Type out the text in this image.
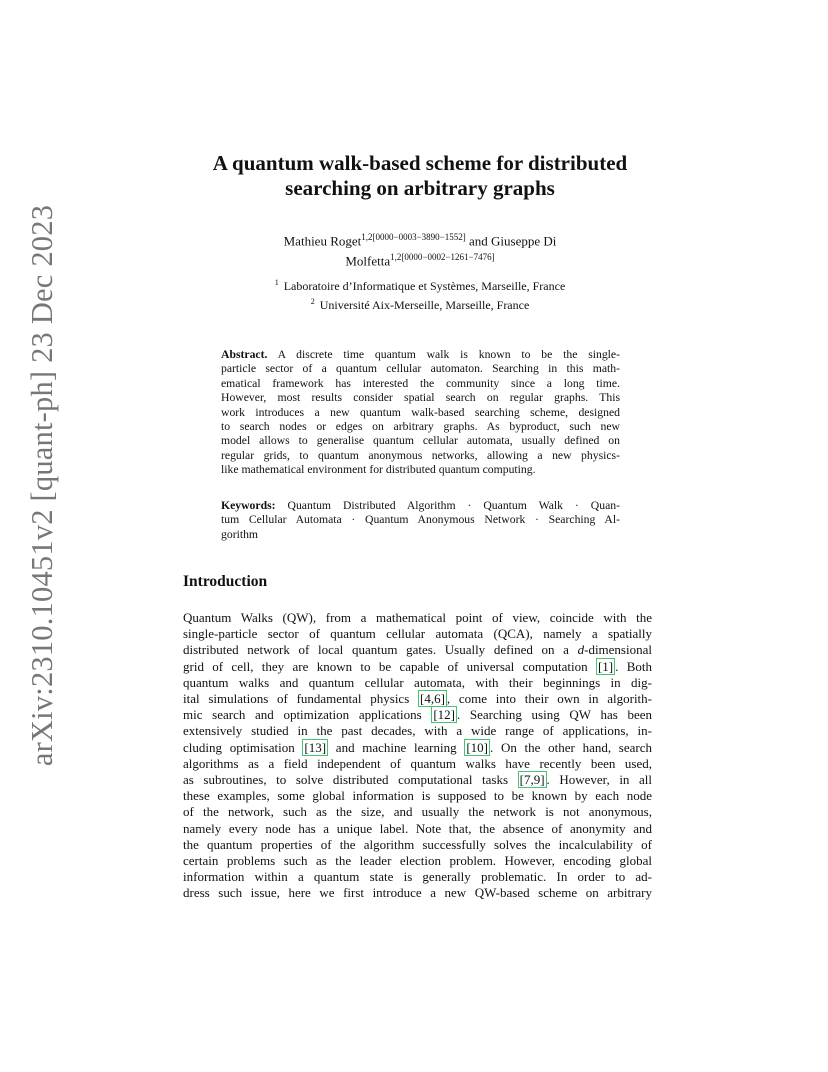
arXiv:2310.10451v2 [quant-ph] 23 Dec 2023
A quantum walk-based scheme for distributed
searching on arbitrary graphs
Mathieu Roget$^{1,2[0000-0003-3890-1552]}$ and Giuseppe Di
Molfetta$^{1,2[0000-0002-1261-7476]}$
$^1$ Laboratoire d’Informatique et Systèmes, Marseille, France
$^2$ Université Aix-Merseille, Marseille, France
Abstract. A discrete time quantum walk is known to be the single-
particle sector of a quantum cellular automaton. Searching in this math-
ematical framework has interested the community since a long time.
However, most results consider spatial search on regular graphs. This
work introduces a new quantum walk-based searching scheme, designed
to search nodes or edges on arbitrary graphs. As byproduct, such new
model allows to generalise quantum cellular automata, usually defined on
regular grids, to quantum anonymous networks, allowing a new physics-
like mathematical environment for distributed quantum computing.
Keywords: Quantum Distributed Algorithm · Quantum Walk · Quan-
tum Cellular Automata · Quantum Anonymous Network · Searching Al-
gorithm
Introduction
Quantum Walks (QW), from a mathematical point of view, coincide with the
single-particle sector of quantum cellular automata (QCA), namely a spatially
distributed network of local quantum gates. Usually defined on a d-dimensional
grid of cell, they are known to be capable of universal computation [1] . Both
quantum walks and quantum cellular automata, with their beginnings in dig-
ital simulations of fundamental physics [4,6] , come into their own in algorith-
mic search and optimization applications [12] . Searching using QW has been
extensively studied in the past decades, with a wide range of applications, in-
cluding optimisation [13] and machine learning [10] . On the other hand, search
algorithms as a field independent of quantum walks have recently been used,
as subroutines, to solve distributed computational tasks [7,9] . However, in all
these examples, some global information is supposed to be known by each node
of the network, such as the size, and usually the network is not anonymous,
namely every node has a unique label. Note that, the absence of anonymity and
the quantum properties of the algorithm successfully solves the incalculability of
certain problems such as the leader election problem. However, encoding global
information within a quantum state is generally problematic. In order to ad-
dress such issue, here we first introduce a new QW-based scheme on arbitrary
